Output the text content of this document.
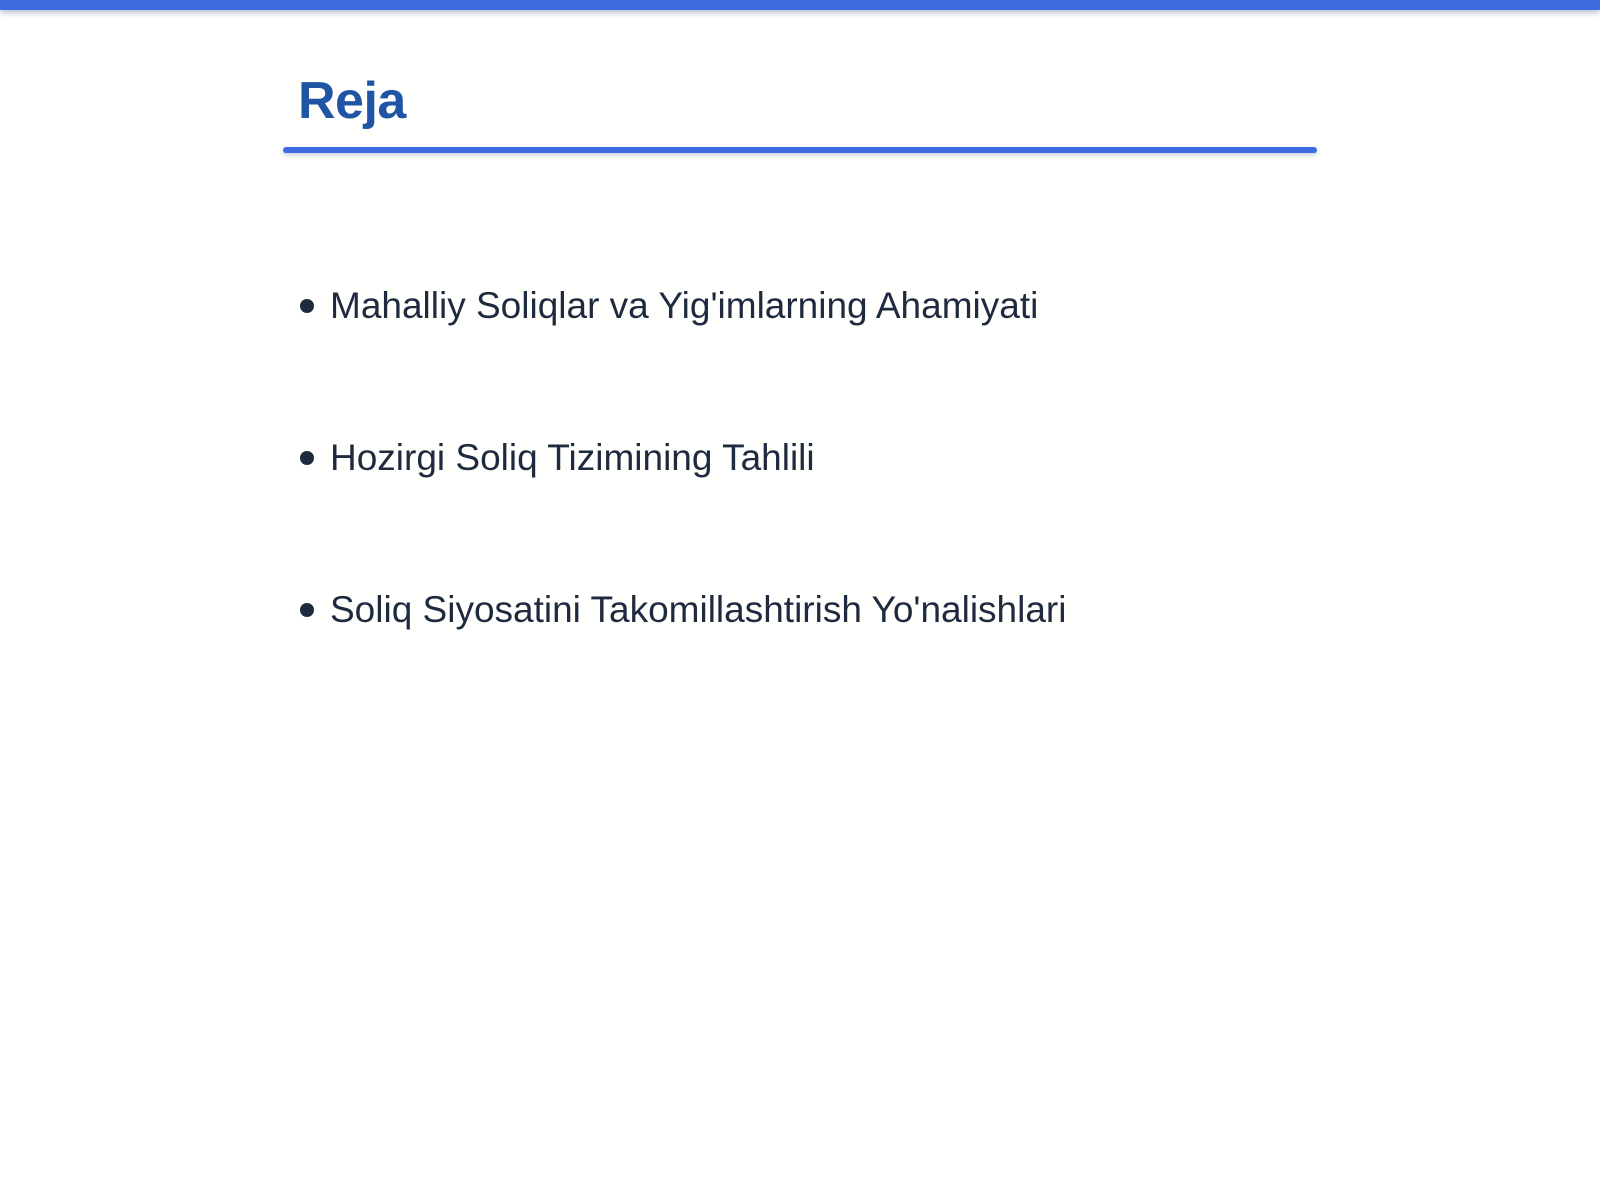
Reja
Mahalliy Soliqlar va Yig'imlarning Ahamiyati
Hozirgi Soliq Tizimining Tahlili
Soliq Siyosatini Takomillashtirish Yo'nalishlari
